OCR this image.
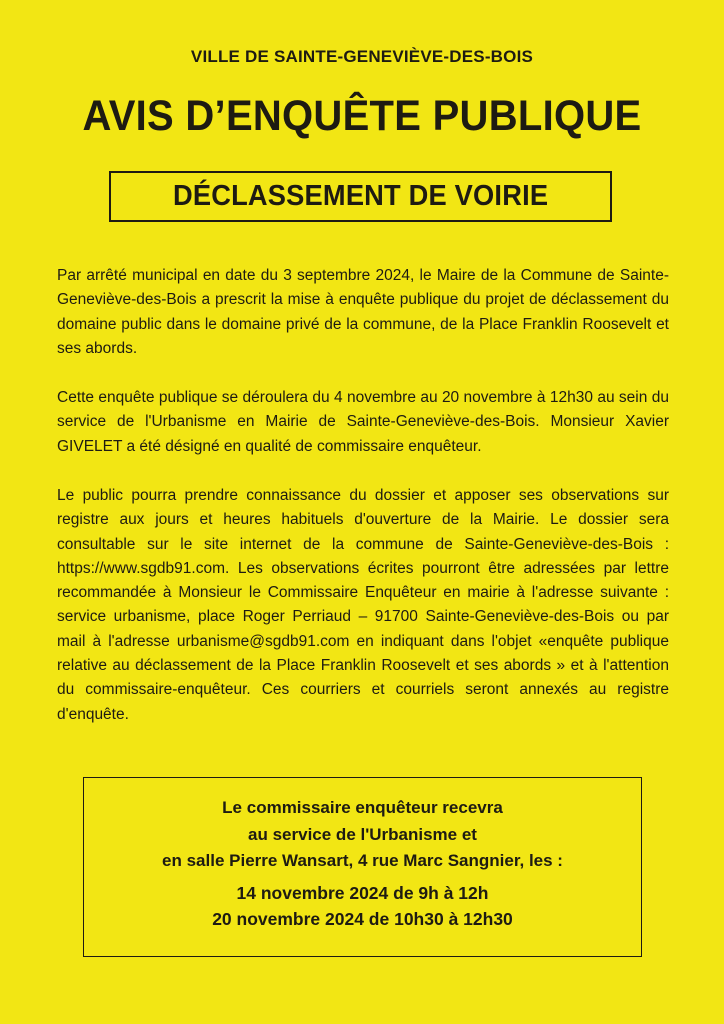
VILLE DE SAINTE-GENEVIÈVE-DES-BOIS
AVIS D’ENQUÊTE PUBLIQUE
DÉCLASSEMENT DE VOIRIE
Par arrêté municipal en date du 3 septembre 2024, le Maire de la Commune de Sainte-Geneviève-des-Bois a prescrit la mise à enquête publique du projet de déclassement du domaine public dans le domaine privé de la commune, de la Place Franklin Roosevelt et ses abords.
Cette enquête publique se déroulera du 4 novembre au 20 novembre à 12h30 au sein du service de l'Urbanisme en Mairie de Sainte-Geneviève-des-Bois. Monsieur Xavier GIVELET a été désigné en qualité de commissaire enquêteur.
Le public pourra prendre connaissance du dossier et apposer ses observations sur registre aux jours et heures habituels d'ouverture de la Mairie. Le dossier sera consultable sur le site internet de la commune de Sainte-Geneviève-des-Bois : https://www.sgdb91.com. Les observations écrites pourront être adressées par lettre recommandée à Monsieur le Commissaire Enquêteur en mairie à l'adresse suivante : service urbanisme, place Roger Perriaud – 91700 Sainte-Geneviève-des-Bois ou par mail à l'adresse urbanisme@sgdb91.com en indiquant dans l'objet «enquête publique relative au déclassement de la Place Franklin Roosevelt et ses abords » et à l'attention du commissaire-enquêteur. Ces courriers et courriels seront annexés au registre d'enquête.
Le commissaire enquêteur recevra
au service de l'Urbanisme et
en salle Pierre Wansart, 4 rue Marc Sangnier, les :
14 novembre 2024 de 9h à 12h
20 novembre 2024 de 10h30 à 12h30
